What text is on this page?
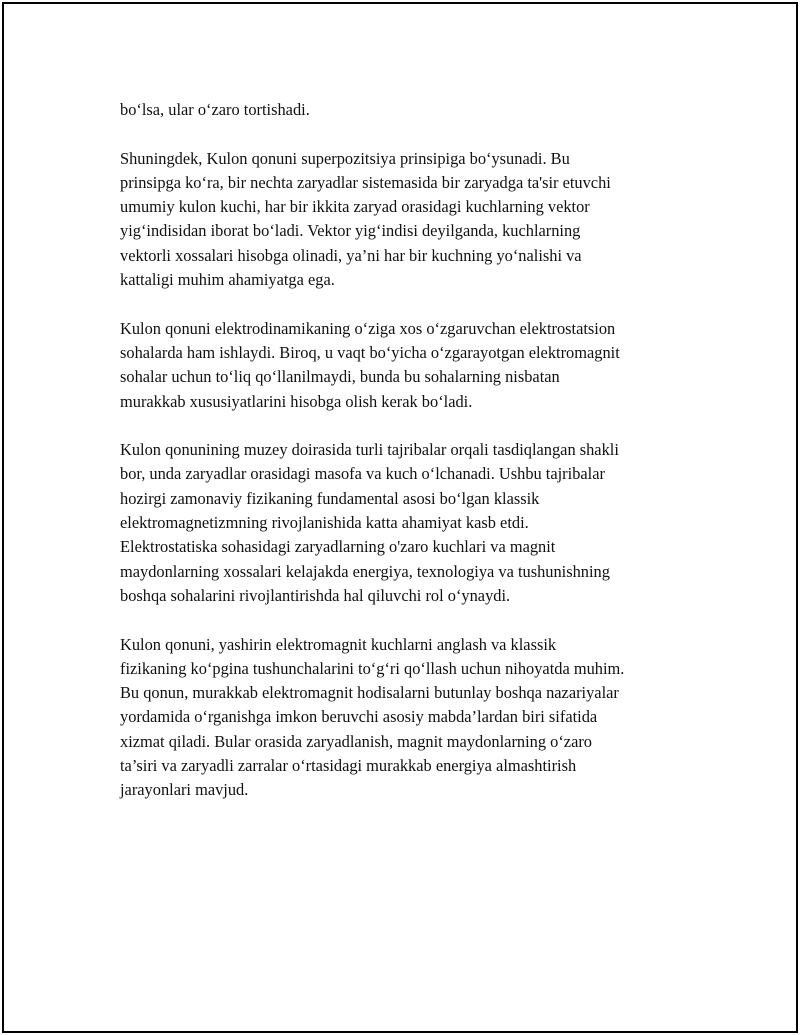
bo‘lsa, ular o‘zaro tortishadi.

Shuningdek, Kulon qonuni superpozitsiya prinsipiga bo‘ysunadi. Bu
prinsipga ko‘ra, bir nechta zaryadlar sistemasida bir zaryadga ta'sir etuvchi
umumiy kulon kuchi, har bir ikkita zaryad orasidagi kuchlarning vektor
yig‘indisidan iborat bo‘ladi. Vektor yig‘indisi deyilganda, kuchlarning
vektorli xossalari hisobga olinadi, ya’ni har bir kuchning yo‘nalishi va
kattaligi muhim ahamiyatga ega.

Kulon qonuni elektrodinamikaning o‘ziga xos o‘zgaruvchan elektrostatsion
sohalarda ham ishlaydi. Biroq, u vaqt bo‘yicha o‘zgarayotgan elektromagnit
sohalar uchun to‘liq qo‘llanilmaydi, bunda bu sohalarning nisbatan
murakkab xususiyatlarini hisobga olish kerak bo‘ladi.

Kulon qonunining muzey doirasida turli tajribalar orqali tasdiqlangan shakli
bor, unda zaryadlar orasidagi masofa va kuch o‘lchanadi. Ushbu tajribalar
hozirgi zamonaviy fizikaning fundamental asosi bo‘lgan klassik
elektromagnetizmning rivojlanishida katta ahamiyat kasb etdi.
Elektrostatiska sohasidagi zaryadlarning o'zaro kuchlari va magnit
maydonlarning xossalari kelajakda energiya, texnologiya va tushunishning
boshqa sohalarini rivojlantirishda hal qiluvchi rol o‘ynaydi.

Kulon qonuni, yashirin elektromagnit kuchlarni anglash va klassik
fizikaning ko‘pgina tushunchalarini to‘g‘ri qo‘llash uchun nihoyatda muhim.
Bu qonun, murakkab elektromagnit hodisalarni butunlay boshqa nazariyalar
yordamida o‘rganishga imkon beruvchi asosiy mabda’lardan biri sifatida
xizmat qiladi. Bular orasida zaryadlanish, magnit maydonlarning o‘zaro
ta’siri va zaryadli zarralar o‘rtasidagi murakkab energiya almashtirish
jarayonlari mavjud.
